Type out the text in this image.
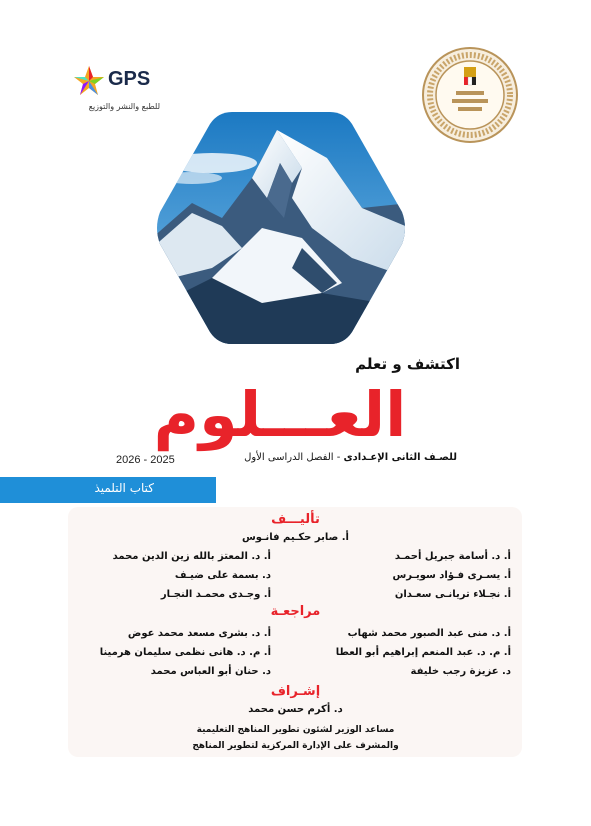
GPS
للطبع والنشر والتوزيع
اكتشف و تعلم
العـــلوم
للصـف الثانى الإعـدادى - الفصل الدراسى الأول
2026 - 2025
كتاب التلميذ
تأليـــف
أ. صابر حكـيم فانـوس
أ. د. أسامة جبريل أحمـد
أ. يسـرى فـؤاد سويـرس
أ. نجـلاء تريانـى سعـدان
أ. د. المعتز بالله زين الدين محمد
د. بسمة على ضيـف
أ. وجـدى محمـد النجـار
مراجعـة
أ. د. منى عبد الصبور محمد شهاب
أ. م. د. عبد المنعم إبراهيم أبو العطا
د. عزيزة رجب خليفة
أ. د. بشرى مسعد محمد عوض
أ. م. د. هانى نظمى سليمان هرمينا
د. حنان أبو العباس محمد
إشـراف
د. أكرم حسن محمد
مساعد الوزير لشئون تطوير المناهج التعليمية
والمشرف على الإدارة المركزية لتطوير المناهج
